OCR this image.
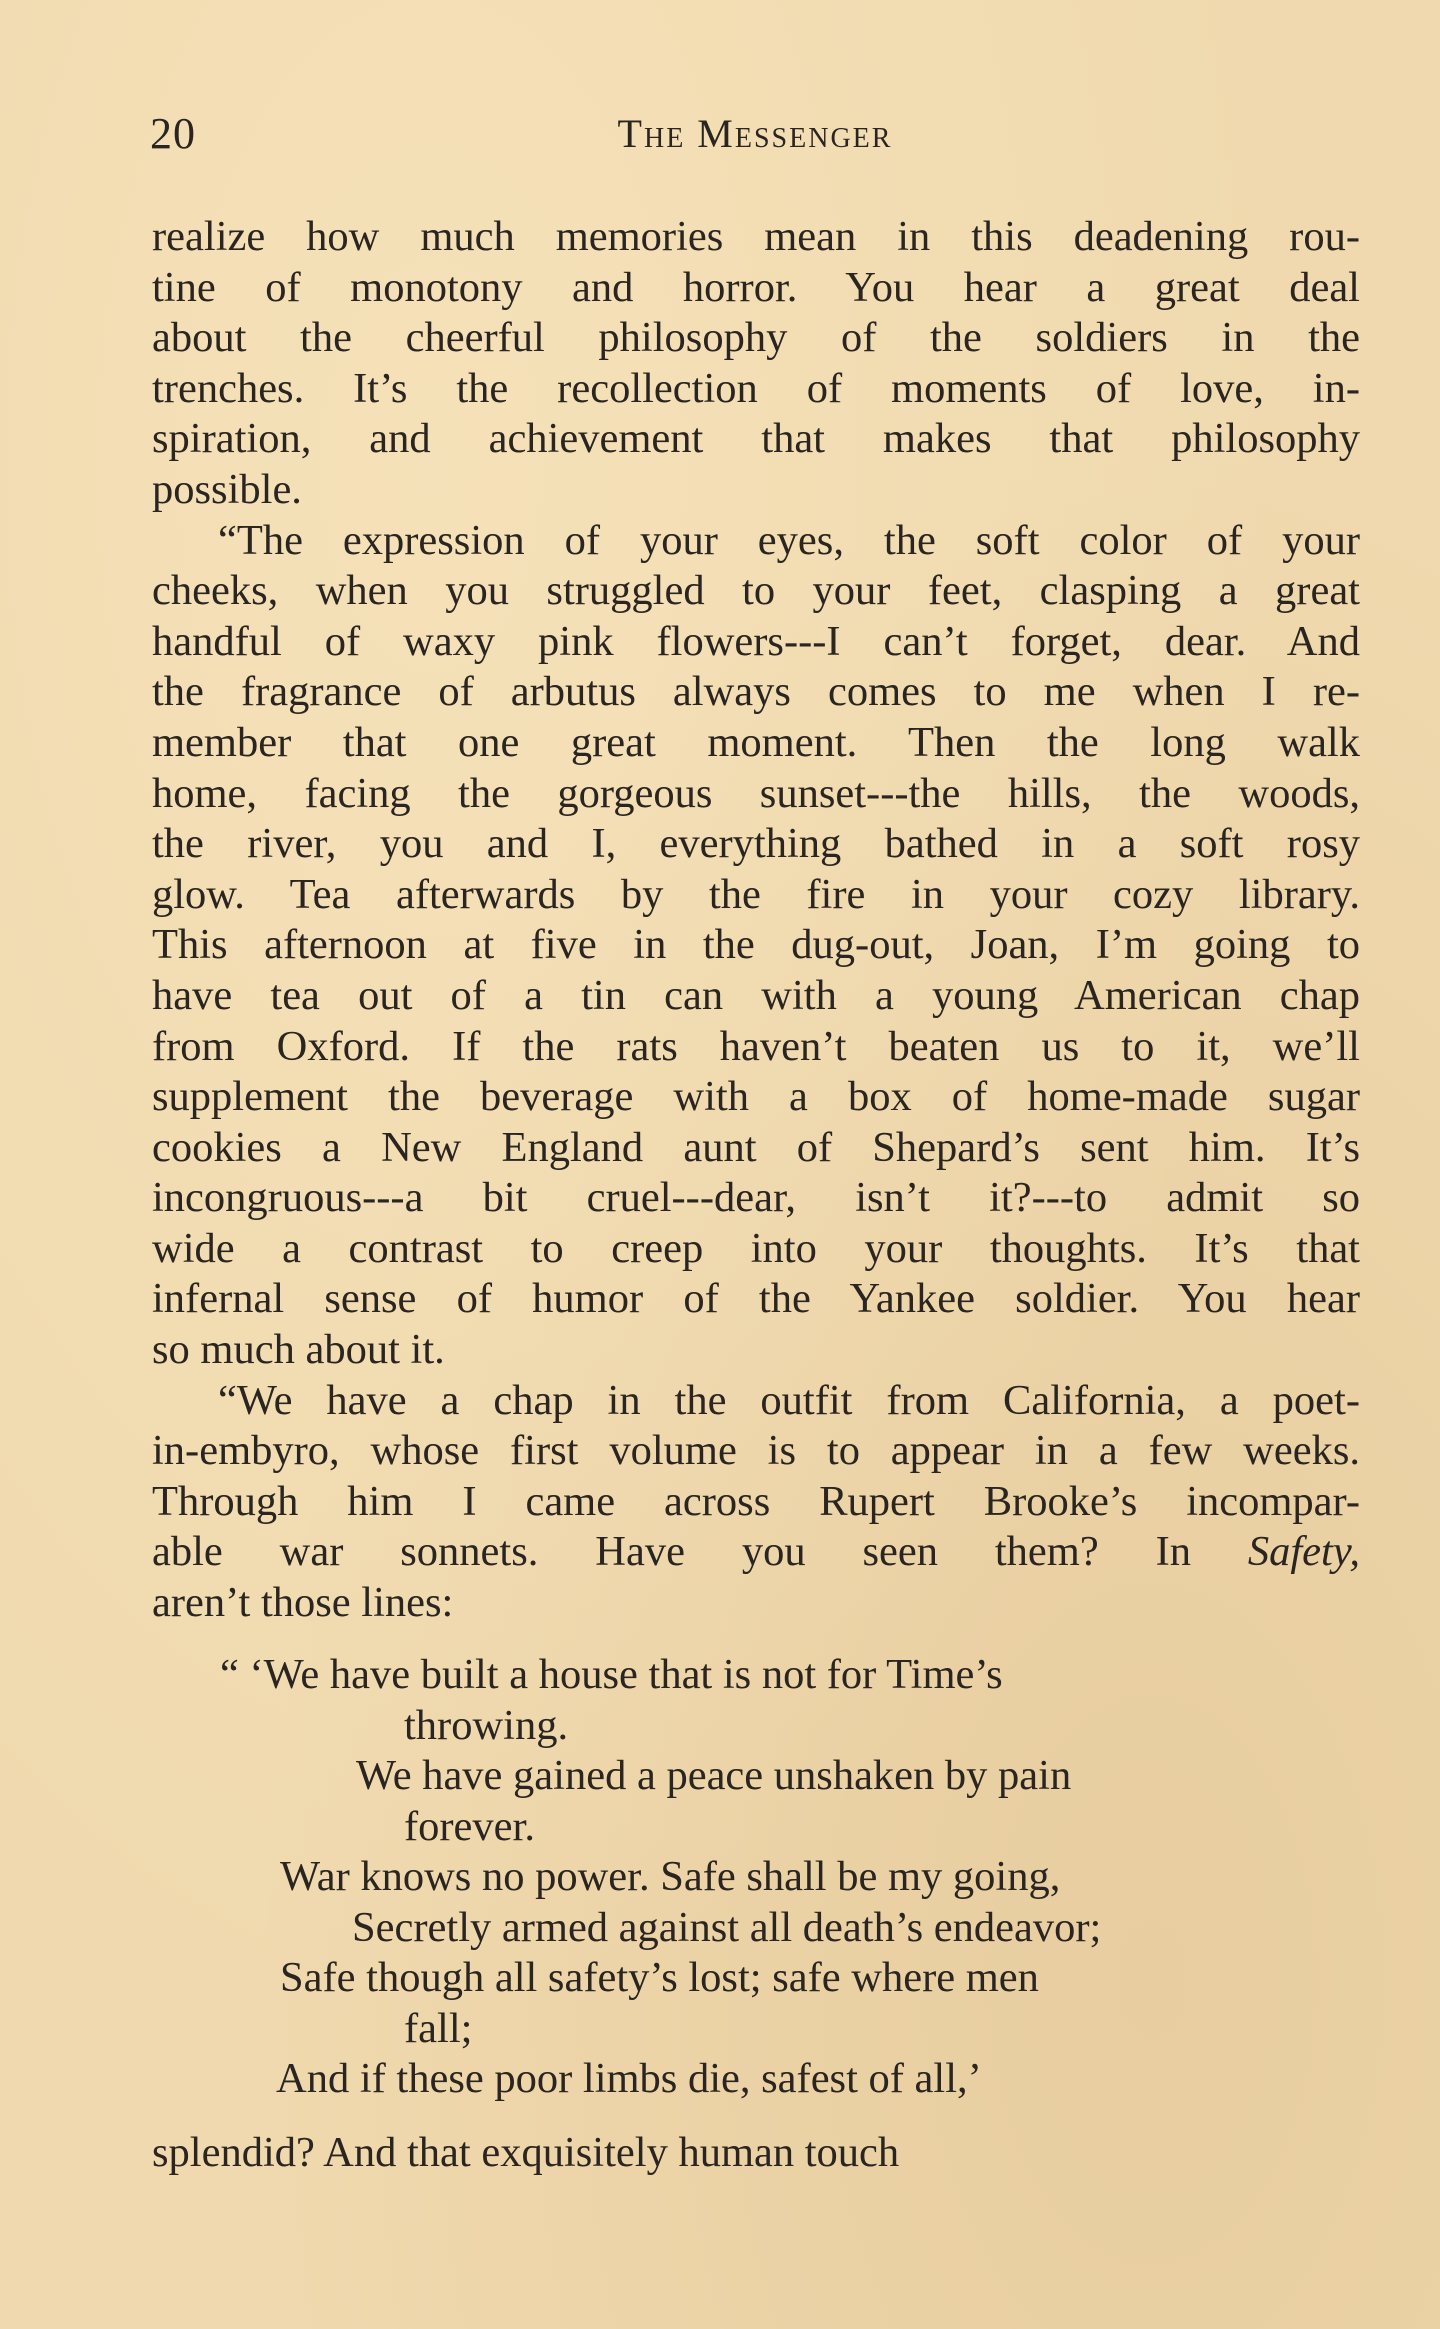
20	The Messenger
realize how much memories mean in this deadening rou-
tine of monotony and horror. You hear a great deal
about the cheerful philosophy of the soldiers in the
trenches. It’s the recollection of moments of love, in-
spiration, and achievement that makes that philosophy
possible.
“The expression of your eyes, the soft color of your
cheeks, when you struggled to your feet, clasping a great
handful of waxy pink flowers---I can’t forget, dear. And
the fragrance of arbutus always comes to me when I re-
member that one great moment. Then the long walk
home, facing the gorgeous sunset---the hills, the woods,
the river, you and I, everything bathed in a soft rosy
glow. Tea afterwards by the fire in your cozy library.
This afternoon at five in the dug-out, Joan, I’m going to
have tea out of a tin can with a young American chap
from Oxford. If the rats haven’t beaten us to it, we’ll
supplement the beverage with a box of home-made sugar
cookies a New England aunt of Shepard’s sent him. It’s
incongruous---a bit cruel---dear, isn’t it?---to admit so
wide a contrast to creep into your thoughts. It’s that
infernal sense of humor of the Yankee soldier. You hear
so much about it.
“We have a chap in the outfit from California, a poet-
in-embyro, whose first volume is to appear in a few weeks.
Through him I came across Rupert Brooke’s incompar-
able war sonnets. Have you seen them? In Safety,
aren’t those lines:
“ ‘We have built a house that is not for Time’s
throwing.
We have gained a peace unshaken by pain
forever.
War knows no power. Safe shall be my going,
Secretly armed against all death’s endeavor;
Safe though all safety’s lost; safe where men
fall;
And if these poor limbs die, safest of all,’
splendid? And that exquisitely human touch
